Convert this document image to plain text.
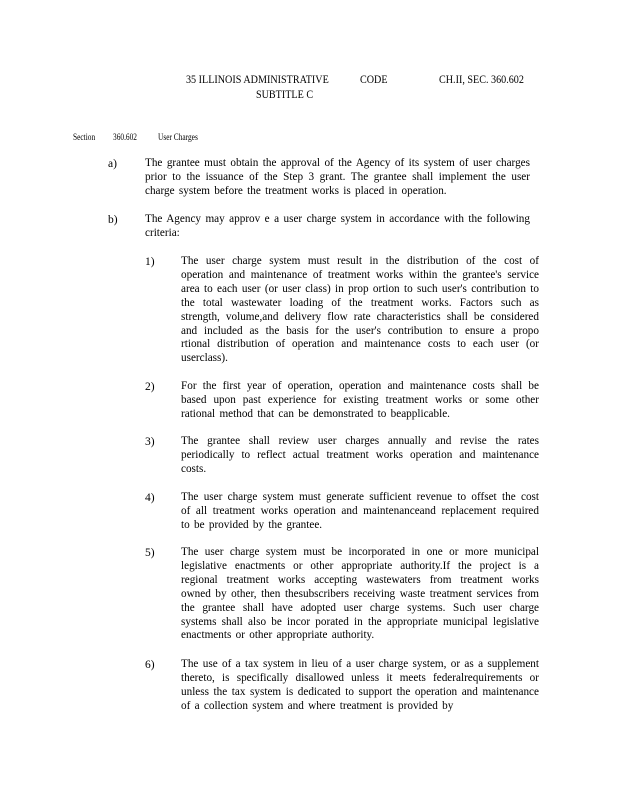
35 ILLINOIS ADMINISTRATIVE	CODE	CH.II, SEC. 360.602
SUBTITLE C
Section 360.602 User Charges
a)	The grantee must obtain the approval of the Agency of its system of user charges prior to the issuance of the Step 3 grant. The grantee shall implement the user charge system before the treatment works is placed in operation.
b) The Agency may approv e a user charge system in accordance with the following criteria:
1) The user charge system must result in the distribution of the cost of operation and maintenance of treatment works within the grantee's service area to each user (or user class) in prop ortion to such user's contribution to the total wastewater loading of the treatment works. Factors such as strength, volume,and delivery flow rate characteristics shall be considered and included as the basis for the user's contribution to ensure a propo rtional distribution of operation and maintenance costs to each user (or userclass).
2) For the first year of operation, operation and maintenance costs shall be based upon past experience for existing treatment works or some other rational method that can be demonstrated to beapplicable.
3) The grantee shall review user charges annually and revise the rates periodically to reflect actual treatment works operation and maintenance costs.
4) The user charge system must generate sufficient revenue to offset the cost of all treatment works operation and maintenanceand replacement required to be provided by the grantee.
5) The user charge system must be incorporated in one or more municipal legislative enactments or other appropriate authority.If the project is a regional treatment works accepting wastewaters from treatment works owned by other, then thesubscribers receiving waste treatment services from the grantee shall have adopted user charge systems. Such user charge systems shall also be incor porated in the appropriate municipal legislative enactments or other appropriate authority.
6) The use of a tax system in lieu of a user charge system, or as a supplement thereto, is specifically disallowed unless it meets federalrequirements or unless the tax system is dedicated to support the operation and maintenance of a collection system and where treatment is provided by
